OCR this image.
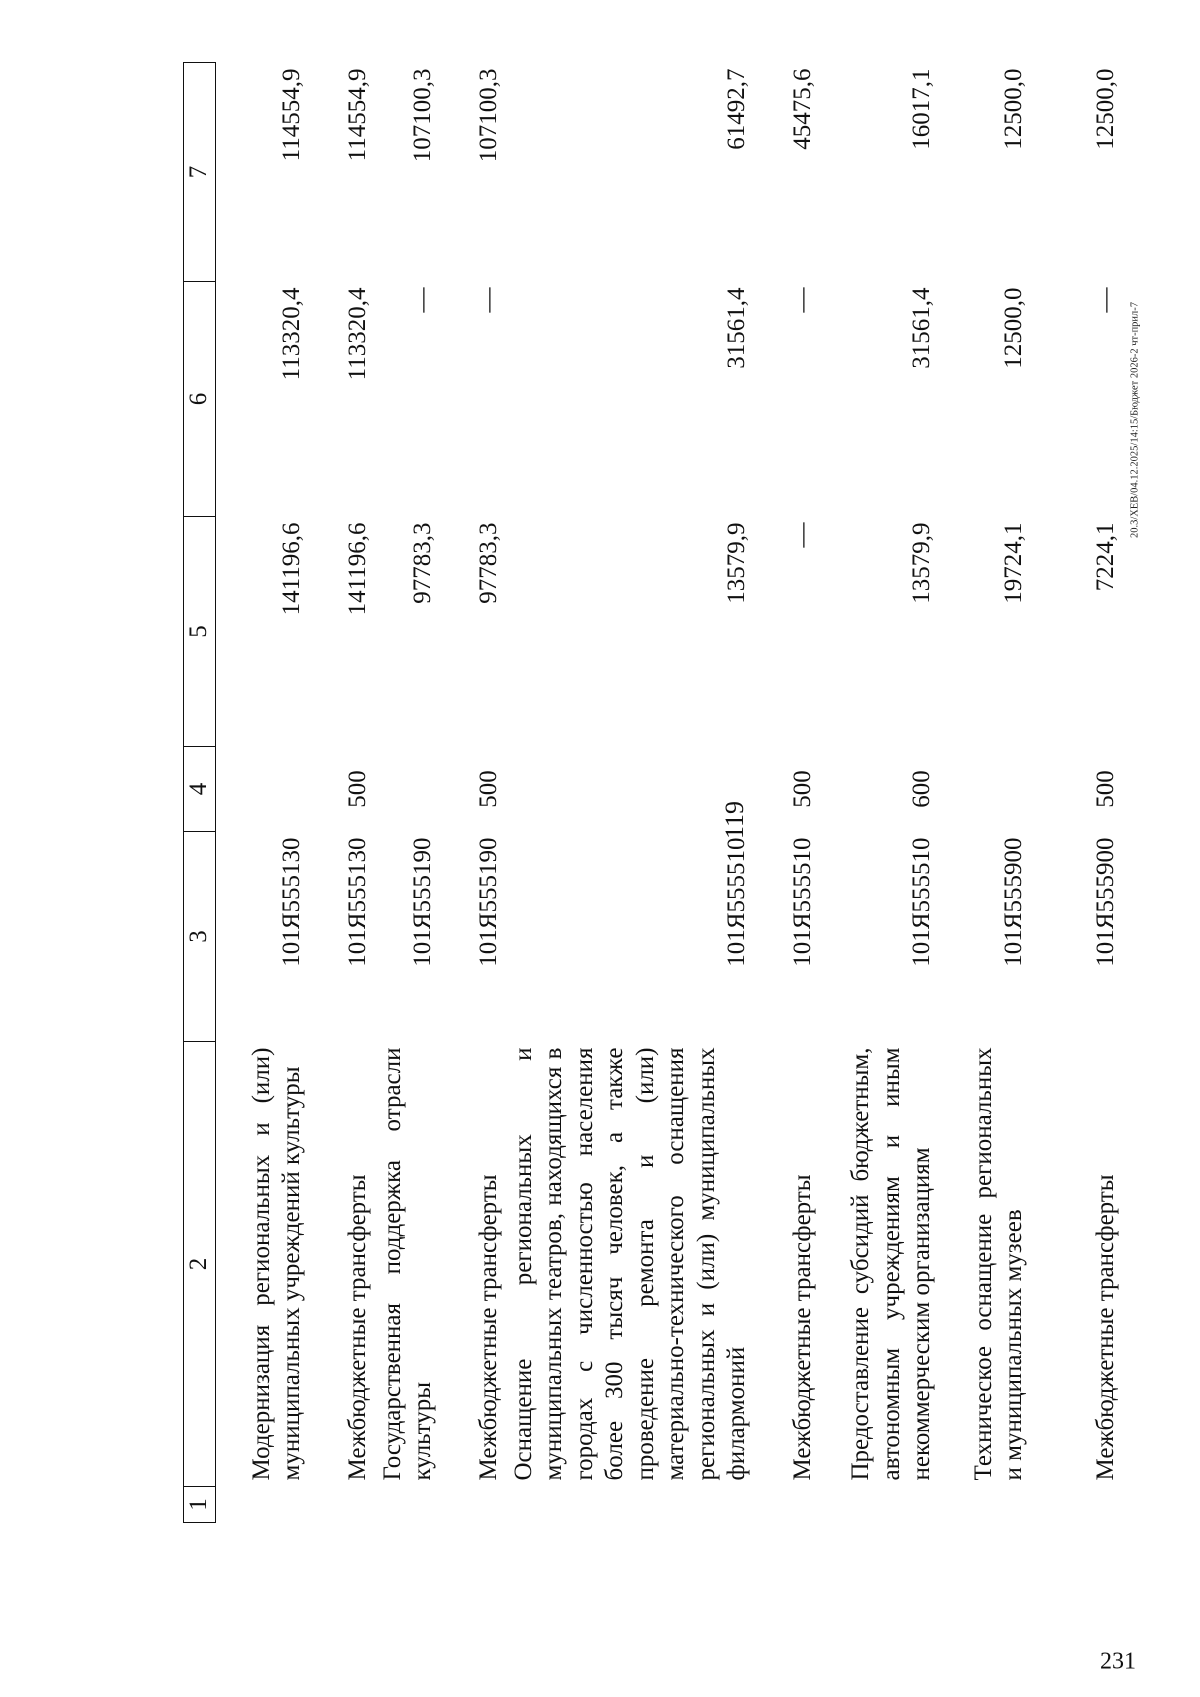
119
1	2	3	4	5	6	7
	Модернизация региональных и (или) муниципальных учреждений культуры	101Я555130		141196,6	113320,4	114554,9
	Межбюджетные трансферты	101Я555130	500	141196,6	113320,4	114554,9
	Государственная поддержка отрасли культуры	101Я555190		97783,3	—	107100,3
	Межбюджетные трансферты	101Я555190	500	97783,3	—	107100,3
	Оснащение региональных и муниципальных театров, находящихся в городах с численностью населения более 300 тысяч человек, а также проведение ремонта и (или) материально-технического оснащения региональных и (или) муниципальных филармоний	101Я555510		13579,9	31561,4	61492,7
	Межбюджетные трансферты	101Я555510	500	—	—	45475,6
	Предоставление субсидий бюджетным, автономным учреждениям и иным некоммерческим организациям	101Я555510	600	13579,9	31561,4	16017,1
	Техническое оснащение региональных и муниципальных музеев	101Я555900		19724,1	12500,0	12500,0
	Межбюджетные трансферты	101Я555900	500	7224,1	—	12500,0
20.3/ХЕВ/04.12.2025/14:15/Бюджет 2026-2 чт-прил-7
231
